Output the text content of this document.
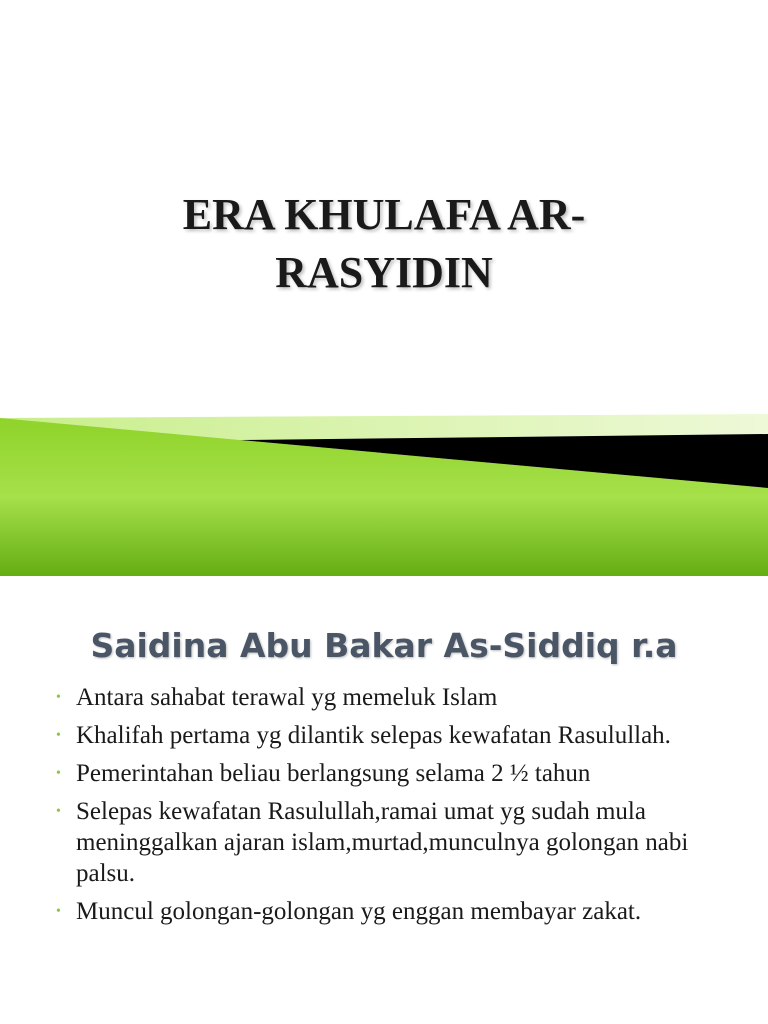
ERA KHULAFA AR-
RASYIDIN
Saidina Abu Bakar As-Siddiq r.a
• Antara sahabat terawal yg memeluk Islam
• Khalifah pertama yg dilantik selepas kewafatan Rasulullah.
• Pemerintahan beliau berlangsung selama 2 ½ tahun
• Selepas kewafatan Rasulullah,ramai umat yg sudah mula meninggalkan ajaran islam,murtad,munculnya golongan nabi palsu.
• Muncul golongan-golongan yg enggan membayar zakat.
